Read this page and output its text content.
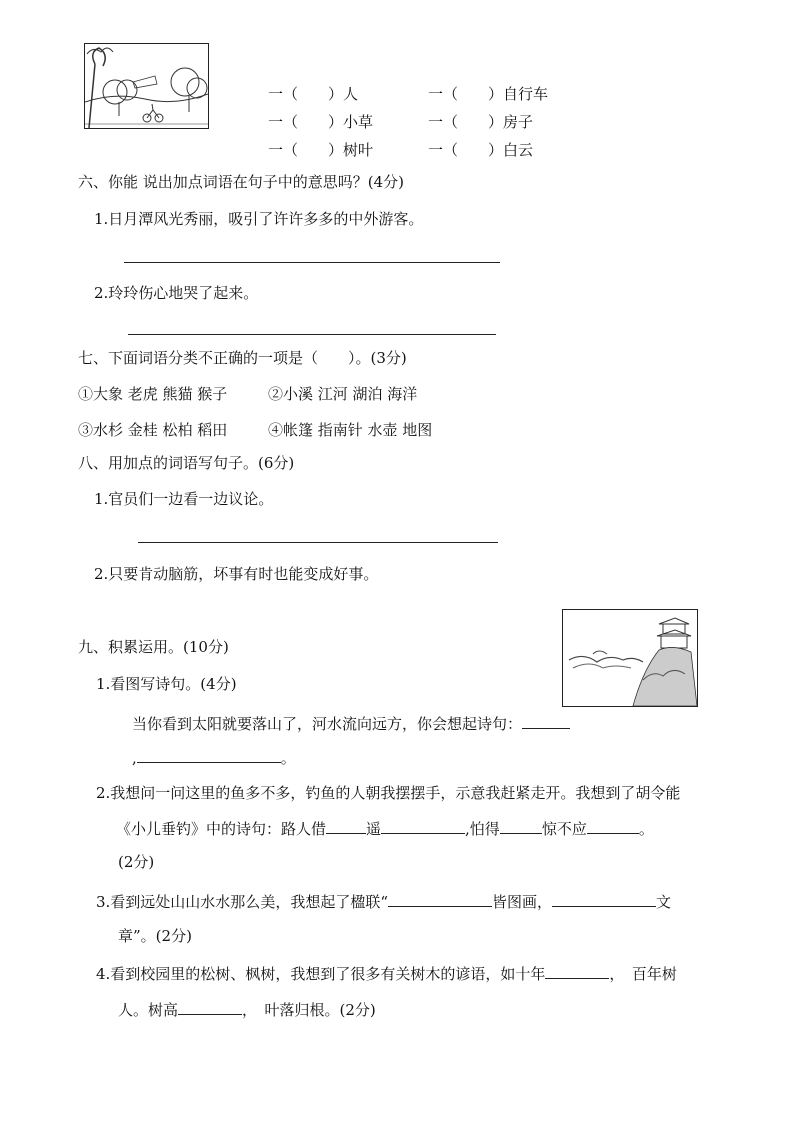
一（　　）人	一（　　）自行车
一（　　）小草	一（　　）房子
一（　　）树叶	一（　　）白云
六、你能 说出加点词语在句子中的意思吗？(4分)
1.日月潭风光秀丽，吸引了许许多多的中外游客。
2.玲玲伤心地哭了起来。
七、下面词语分类不正确的一项是（　　）。(3分)
①大象 老虎 熊猫 猴子	②小溪 江河 湖泊 海洋
③水杉 金桂 松柏 稻田	④帐篷 指南针 水壶 地图
八、用加点的词语写句子。(6分)
1.官员们一边看一边议论。
2.只要肯动脑筋，坏事有时也能变成好事。
九、积累运用。(10分)
1.看图写诗句。(4分)
当你看到太阳就要落山了，河水流向远方，你会想起诗句：
,	。
2.我想问一问这里的鱼多不多，钓鱼的人朝我摆摆手，示意我赶紧走开。我想到了胡令能
《小儿垂钓》中的诗句：路人借	遥	,怕得	惊不应	。
(2分)
3.看到远处山山水水那么美，我想起了楹联“	皆图画，	文
章”。(2分)
4.看到校园里的松树、枫树，我想到了很多有关树木的谚语，如十年	，　百年树
人。树高	，　叶落归根。(2分)
